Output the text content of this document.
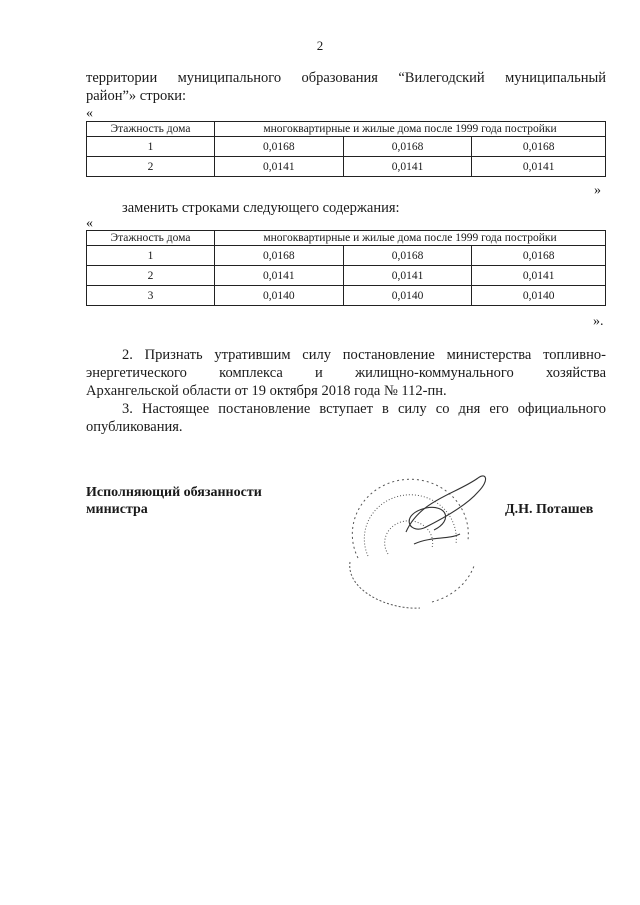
2
территории муниципального образования “Вилегодский муниципальный
район”» строки:
«
Этажность дома	многоквартирные и жилые дома после 1999 года постройки		
1	0,0168	0,0168	0,0168
2	0,0141	0,0141	0,0141
»
заменить строками следующего содержания:
«
Этажность дома	многоквартирные и жилые дома после 1999 года постройки		
1	0,0168	0,0168	0,0168
2	0,0141	0,0141	0,0141
3	0,0140	0,0140	0,0140
».
2. Признать утратившим силу постановление министерства топливно-
энергетического комплекса и жилищно-коммунального хозяйства
Архангельской области от 19 октября 2018 года № 112-пн.
3. Настоящее постановление вступает в силу со дня его официального
опубликования.
Исполняющий обязанности
министра	Д.Н. Поташев
